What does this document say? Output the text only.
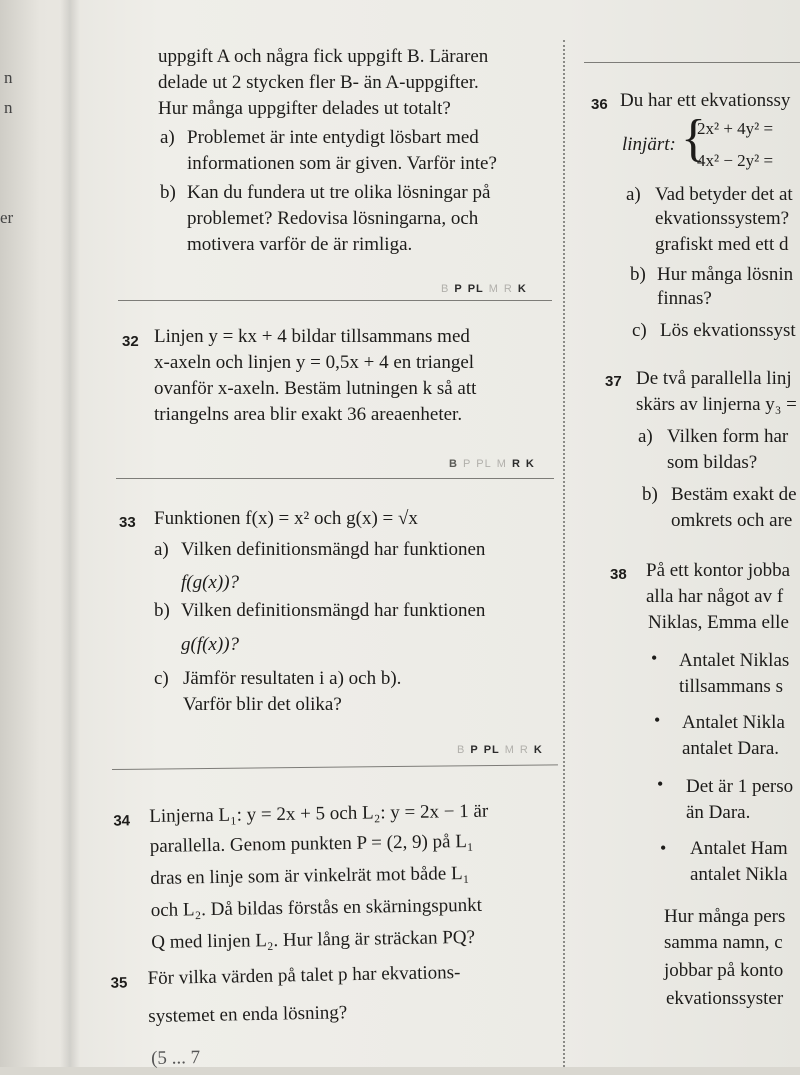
n
n
er
uppgift A och några fick uppgift B. Läraren
delade ut 2 stycken fler B- än A-uppgifter.
Hur många uppgifter delades ut totalt?
a) Problemet är inte entydigt lösbart med
informationen som är given. Varför inte?
b) Kan du fundera ut tre olika lösningar på
problemet? Redovisa lösningarna, och
motivera varför de är rimliga.
B P PL M R K
32 Linjen y = kx + 4 bildar tillsammans med
x-axeln och linjen y = 0,5x + 4 en triangel
ovanför x-axeln. Bestäm lutningen k så att
triangelns area blir exakt 36 areaenheter.
B P PL M R K
33 Funktionen f(x) = x² och g(x) = √x
a) Vilken definitionsmängd har funktionen
f(g(x))?
b) Vilken definitionsmängd har funktionen
g(f(x))?
c) Jämför resultaten i a) och b).
Varför blir det olika?
B P PL M R K
34 Linjerna L₁: y = 2x + 5 och L₂: y = 2x − 1 är
parallella. Genom punkten P = (2, 9) på L₁
dras en linje som är vinkelrät mot både L₁
och L₂. Då bildas förstås en skärningspunkt
Q med linjen L₂. Hur lång är sträckan PQ?
35 För vilka värden på talet p har ekvations-
systemet en enda lösning?
(5 ... 7
36 Du har ett ekvationssy
linjärt: {
2x² + 4y² =
4x² − 2y² =
a) Vad betyder det at
ekvationssystem?
grafiskt med ett d
b) Hur många lösnin
finnas?
c) Lös ekvationssyst
37 De två parallella linj
skärs av linjerna y₃ =
a) Vilken form har
som bildas?
b) Bestäm exakt de
omkrets och are
38 På ett kontor jobba
alla har något av f
Niklas, Emma elle
• Antalet Niklas
tillsammans s
• Antalet Nikla
antalet Dara.
• Det är 1 perso
än Dara.
• Antalet Ham
antalet Nikla
Hur många pers
samma namn, c
jobbar på konto
ekvationssyster
